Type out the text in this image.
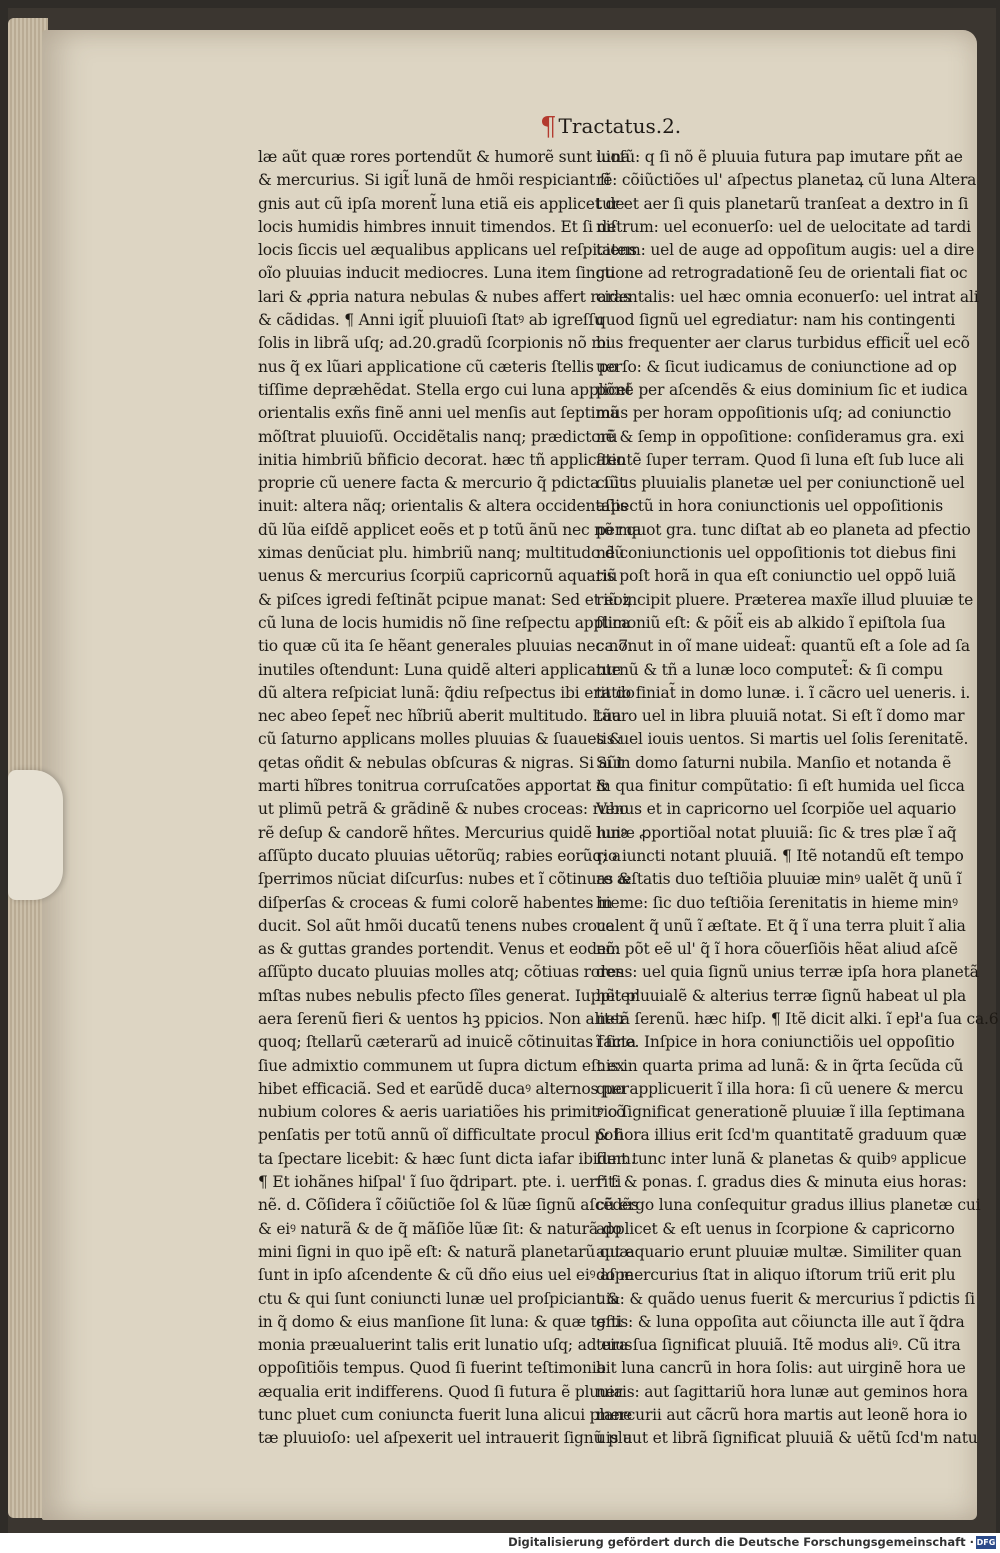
¶ Tractatus.2.
læ aũt quæ rores portendũt & humorẽ sunt luna
& mercurius. Si igit̃ lunã de hmõi respiciant ſi
gnis aut cũ ipſa morent̃ luna etiã eis applicet de
locis humidis himbres innuit timendos. Et ſi de
locis ſiccis uel æqualibus applicans uel reſpiciens
oĩo pluuias inducit mediocres. Luna item ſingu
lari & ꝓpria natura nebulas & nubes affert raras
& cãdidas. ¶ Anni igit̃ pluuioſi ſtatꝰ ab igreſſu
ſolis in librã uſq; ad.20.gradũ ſcorpionis nõ mi
nus q̃ ex lũari applicatione cũ cæteris ſtellis po
tiſſime depræhẽdat. Stella ergo cui luna applicet
orientalis exñs finẽ anni uel menſis aut ſeptimã
mõſtrat pluuioſũ. Occidẽtalis nanq; prædictorũ
initia himbriũ bñficio decorat. hæc tñ applicatio
proprie cũ uenere facta & mercurio q̃ pdicta ſũt
inuit: altera nãq; orientalis & altera occidentalis
dũ lũa eiſdẽ applicet eoẽs et p totũ ãnũ nec nõ ma
ximas denũciat plu. himbriũ nanq; multitudo dũ
uenus & mercurius ſcorpiũ capricornũ aquariũ
& piſces igredi feſtinãt pcipue manat: Sed et eoꝝ
cũ luna de locis humidis nõ ſine reſpectu applica
tio quæ cũ ita ſe hẽant generales pluuias nec non
inutiles oſtendunt: Luna quidẽ alteri applicante
dũ altera reſpiciat lunã: q̃diu reſpectus ibi erit do
nec abeo ſepet̃ nec hĩbriũ aberit multitudo. Lũa
cũ ſaturno applicans molles pluuias & ſuaues &
qetas oñdit & nebulas obſcuras & nigras. Si aũt
marti hĩbres tonitrua corruſcatões apportat &
ut plimũ petrã & grãdinẽ & nubes croceas: rubo
rẽ deſup & candorẽ hñtes. Mercurius quidẽ huiꝰ
aſſũpto ducato pluuias uẽtorũq; rabies eorũq; a
ſperrimos nũciat diſcurſus: nubes et ĩ cõtinuas &
diſperſas & croceas & fumi colorẽ habentes in
ducit. Sol aũt hmõi ducatũ tenens nubes croce
as & guttas grandes portendit. Venus et eodem
aſſũpto ducato pluuias molles atq; cõtiuas rores
mſtas nubes nebulis pfecto ſĩles generat. Iuppiter
aera ſerenũ fieri & uentos hꝫ ppicios. Non aliter
quoq; ſtellarũ cæterarũ ad inuicẽ cõtinuitas facta
ſiue admixtio communem ut ſupra dictum eſt ex
hibet efficaciã. Sed et earũdẽ ducaꝰ alternos per
nubium colores & aeris uariatiões his primitꝰ cõ
penſatis per totũ annũ oĩ difficultate procul poſi
ta ſpectare licebit: & hæc ſunt dicta iafar ibidem.
¶ Et iohãnes hiſpal' ĩ ſuo q̃dripart. pte. i. uerſ' fi
nẽ. d. Cõſidera ĩ cõiũctiõe ſol & lũæ ſignũ aſcẽdẽs
& eiꝰ naturã & de q̃ mãſiõe lũæ ſit: & naturã do
mini ſigni in quo ipẽ eſt: & naturã planetarũ quæ
ſunt in ipſo aſcendente & cũ dño eius uel eiꝰ aſpe
ctu & qui ſunt coniuncti lunæ uel proſpiciant &
in q̃ domo & eius manſione ſit luna: & quæ teſti
monia præualuerint talis erit lunatio uſq; ad eius
oppoſitiõis tempus. Quod ſi fuerint teſtimonia
æqualia erit indifferens. Quod ſi futura ẽ pluuia
tunc pluet cum coniuncta fuerit luna alicui plane
tæ pluuioſo: uel aſpexerit uel intrauerit ſignũ plu
uioſũ: q ſi nõ ẽ pluuia futura pap imutare pñt ae
rẽ: cõiũctiões ul' aſpectus planetaꝝ cũ luna Altera
tur et aer ſi quis planetarũ tranſeat a dextro in ſi
niſtrum: uel econuerſo: uel de uelocitate ad tardi
tatem: uel de auge ad oppoſitum augis: uel a dire
ctione ad retrogradationẽ ſeu de orientali fiat oc
cidentalis: uel hæc omnia econuerſo: uel intrat ali
quod ſignũ uel egrediatur: nam his contingenti
bus frequenter aer clarus turbidus efficit̃ uel ecõ
uerſo: & ſicut iudicamus de coniunctione ad op
põnẽ per aſcendẽs & eius dominium ſic et iudica
mus per horam oppoſitionis uſq; ad coniunctio
nẽ & ſemp in oppoſitione: conſideramus gra. exi
ſtentẽ ſuper terram. Quod ſi luna eſt ſub luce ali
cuius pluuialis planetæ uel per coniunctionẽ uel
aſpectũ in hora coniunctionis uel oppoſitionis
per quot gra. tunc diſtat ab eo planeta ad pfectio
nẽ coniunctionis uel oppoſitionis tot diebus fini
tis poſt horã in qua eſt coniunctio uel oppõ luiã
riũ incipit pluere. Præterea maxĩe illud pluuiæ te
ſtimoniũ eſt: & põit̃ eis ab alkido ĩ epiſtola ſua
ca.7. ut in oĩ mane uideat̃: quantũ eſt a ſole ad ſa
turnũ & tñ a lunæ loco computet̃: & ſi compu
tatio finiat̃ in domo lunæ. i. ĩ cãcro uel ueneris. i.
tauro uel in libra pluuiã notat. Si eſt ĩ domo mar
tis uel iouis uentos. Si martis uel ſolis ſerenitatẽ.
Si in domo ſaturni nubila. Manſio et notanda ẽ
in qua finitur compũtatio: ſi eſt humida uel ſicca
Venus et in capricorno uel ſcorpiõe uel aquario
lunæ ꝓportiõal notat pluuiã: ſic & tres plæ ĩ aq̃
rio iuncti notant pluuiã. ¶ Itẽ notandũ eſt tempo
re æſtatis duo teſtiõia pluuiæ minꝰ ualẽt q̃ unũ ĩ
hieme: ſic duo teſtiõia ſerenitatis in hieme minꝰ
ualent q̃ unũ ĩ æſtate. Et q̃ ĩ una terra pluit ĩ alia
nõ: põt eẽ ul' q̃ ĩ hora cõuerſiõis hẽat aliud aſcẽ
dens: uel quia ſignũ unius terræ ipſa hora planetã
hẽt pluuialẽ & alterius terræ ſignũ habeat ul pla
netã ſerenũ. hæc hiſp. ¶ Itẽ dicit alki. ĩ epł'a ſua ca.6
ĩ fine. Inſpice in hora coniunctiõis uel oppoſitio
nis in quarta prima ad lunã: & in q̃rta ſecũda cũ
quo applicuerit ĩ illa hora: ſi cũ uenere & mercu
rio ſignificat generationẽ pluuiæ ĩ illa ſeptimana
& hora illius erit ſcd'm quantitatẽ graduum quæ
ſunt tunc inter lunã & planetas & quibꝰ applicue
rit: & ponas. ſ. gradus dies & minuta eius horas:
cũ ergo luna conſequitur gradus illius planetæ cui
applicet & eſt uenus in ſcorpione & capricorno
aut aquario erunt pluuiæ multæ. Similiter quan
do mercurius ſtat in aliquo iſtorum triũ erit plu
uia: & quãdo uenus fuerit & mercurius ĩ pdictis ſi
gnis: & luna oppoſita aut cõiuncta ille aut ĩ q̃dra
tura ſua ſignificat pluuiã. Itẽ modus aliꝰ. Cũ itra
bit luna cancrũ in hora ſolis: aut uirginẽ hora ue
neris: aut ſagittariũ hora lunæ aut geminos hora
mercurii aut cãcrũ hora martis aut leonẽ hora io
uis aut et librã ſignificat pluuiã & uẽtũ ſcd'm natu
Digitalisierung gefördert durch die Deutsche Forschungsgemeinschaft · DFG
